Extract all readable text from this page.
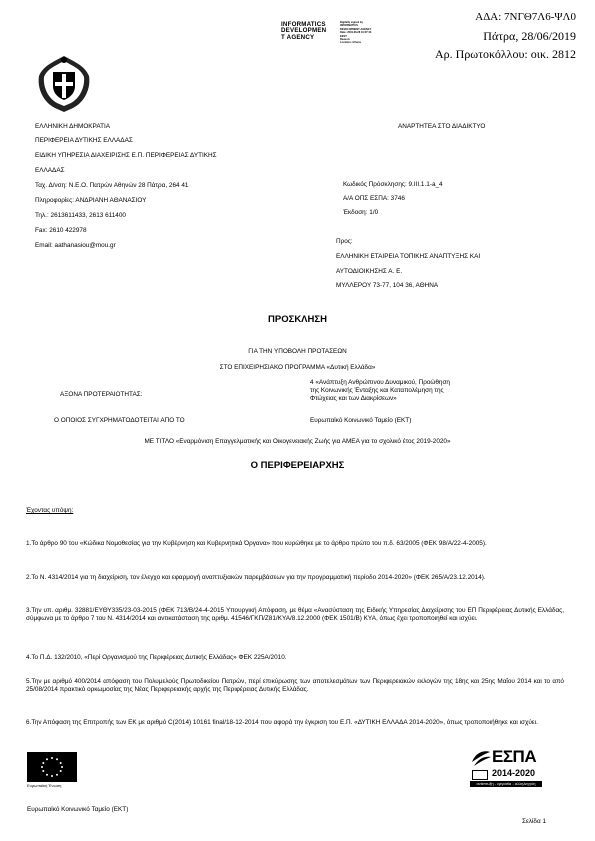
INFORMATICS
DEVELOPMEN
T AGENCY
Digitally signed by
INFORMATICS
DEVELOPMENT AGENCY
Date: 2019.06.28 10:27:40
EEST
Reason:
Location: Athens
ΑΔΑ: 7ΝΓΘ7Λ6-ΨΛ0
Πάτρα, 28/06/2019
Αρ. Πρωτοκόλλου: οικ. 2812
ΕΛΛΗΝΙΚΗ ΔΗΜΟΚΡΑΤΙΑ
ΠΕΡΙΦΕΡΕΙΑ ΔΥΤΙΚΗΣ ΕΛΛΑΔΑΣ
ΕΙΔΙΚΗ ΥΠΗΡΕΣΙΑ ΔΙΑΧΕΙΡΙΣΗΣ Ε.Π. ΠΕΡΙΦΕΡΕΙΑΣ ΔΥΤΙΚΗΣ
ΕΛΛΑΔΑΣ
Ταχ. Δ/νση: Ν.Ε.Ο. Πατρών Αθηνών 28 Πάτρα, 264 41
Πληροφορίες: ΑΝΔΡΙΑΝΗ ΑΘΑΝΑΣΙΟΥ
Τηλ.: 2613611433, 2613 611400
Fax: 2610 422978
Email: aathanasiou@mou.gr
ΑΝΑΡΤΗΤΕΑ ΣΤΟ ΔΙΑΔΙΚΤΥΟ
Κωδικός Πρόσκλησης: 9.III.1.1-a_4
Α/Α ΟΠΣ ΕΣΠΑ: 3746
Έκδοση: 1/0
Προς:
ΕΛΛΗΝΙΚΗ ΕΤΑΙΡΕΙΑ ΤΟΠΙΚΗΣ ΑΝΑΠΤΥΞΗΣ ΚΑΙ
ΑΥΤΟΔΙΟΙΚΗΣΗΣ Α. Ε.
ΜΥΛΛΕΡΟΥ 73-77, 104 36, ΑΘΗΝΑ
ΠΡΟΣΚΛΗΣΗ
ΓΙΑ ΤΗΝ ΥΠΟΒΟΛΗ ΠΡΟΤΑΣΕΩΝ
ΣΤΟ ΕΠΙΧΕΙΡΗΣΙΑΚΟ ΠΡΟΓΡΑΜΜΑ «Δυτική Ελλάδα»
ΑΞΟΝΑ ΠΡΟΤΕΡΑΙΟΤΗΤΑΣ:
4 «Ανάπτυξη Ανθρώπινου Δυναμικού, Προώθηση
της Κοινωνικής Ένταξης και Καταπολέμηση της
Φτώχειας και των Διακρίσεων»
Ο ΟΠΟΙΟΣ ΣΥΓΧΡΗΜΑΤΟΔΟΤΕΙΤΑΙ ΑΠΟ ΤΟ	Ευρωπαϊκό Κοινωνικό Ταμείο (ΕΚΤ)
ΜΕ ΤΙΤΛΟ «Εναρμόνιση Επαγγελματικής και Οικογενειακής Ζωής για ΑΜΕΑ για το σχολικό έτος 2019-2020»
Ο ΠΕΡΙΦΕΡΕΙΑΡΧΗΣ
Έχοντας υπόψη:
1.Το άρθρο 90 του «Κώδικα Νομοθεσίας για την Κυβέρνηση και Κυβερνητικά Όργανα» που κυρώθηκε με το άρθρο πρώτο του π.δ. 63/2005 (ΦΕΚ 98/Α/22-4-2005).
2.Το Ν. 4314/2014 για τη διαχείριση, τον έλεγχο και εφαρμογή αναπτυξιακών παρεμβάσεων για την προγραμματική περίοδο 2014-2020» (ΦΕΚ 265/Α/23.12.2014).
3.Την υπ. αριθμ. 32881/ΕΥΘΥ335/23-03-2015 (ΦΕΚ 713/Β/24-4-2015 Υπουργική Απόφαση, με θέμα «Ανασύσταση της Ειδικής Υπηρεσίας Διαχείρισης του ΕΠ Περιφέρειας Δυτικής Ελλάδας, σύμφωνα με το άρθρο 7 του Ν. 4314/2014 και αντικατάσταση της αριθμ. 41546/ΓΚΠ/Ζ81/ΚΥΑ/8.12.2000 (ΦΕΚ 1501/Β) ΚΥΑ, όπως έχει τροποποιηθεί και ισχύει.
4.Το Π.Δ. 132/2010, «Περί Οργανισμού της Περιφέρειας Δυτικής Ελλάδας» ΦΕΚ 225Α/2010.
5.Την με αριθμό 400/2014 απόφαση του Πολυμελούς Πρωτοδικείου Πατρών, περί επικύρωσης των αποτελεσμάτων των Περιφερειακών εκλογών της 18ης και 25ης Μαΐου 2014 και το από 25/08/2014 πρακτικό ορκωμοσίας της Νέας Περιφερειακής αρχής της Περιφέρειας Δυτικής Ελλάδας.
6.Την Απόφαση της Επιτροπής των ΕΚ με αριθμό C(2014) 10161 final/18-12-2014 που αφορά την έγκριση του Ε.Π. «ΔΥΤΙΚΗ ΕΛΛΑΔΑ 2014-2020», όπως τροποποιήθηκε και ισχύει.
Ευρωπαϊκή Ένωση
ΕΣΠΑ
2014-2020
ανάπτυξη - εργασία - αλληλεγγύη
Ευρωπαϊκό Κοινωνικό Ταμείο (ΕΚΤ)
Σελίδα 1
